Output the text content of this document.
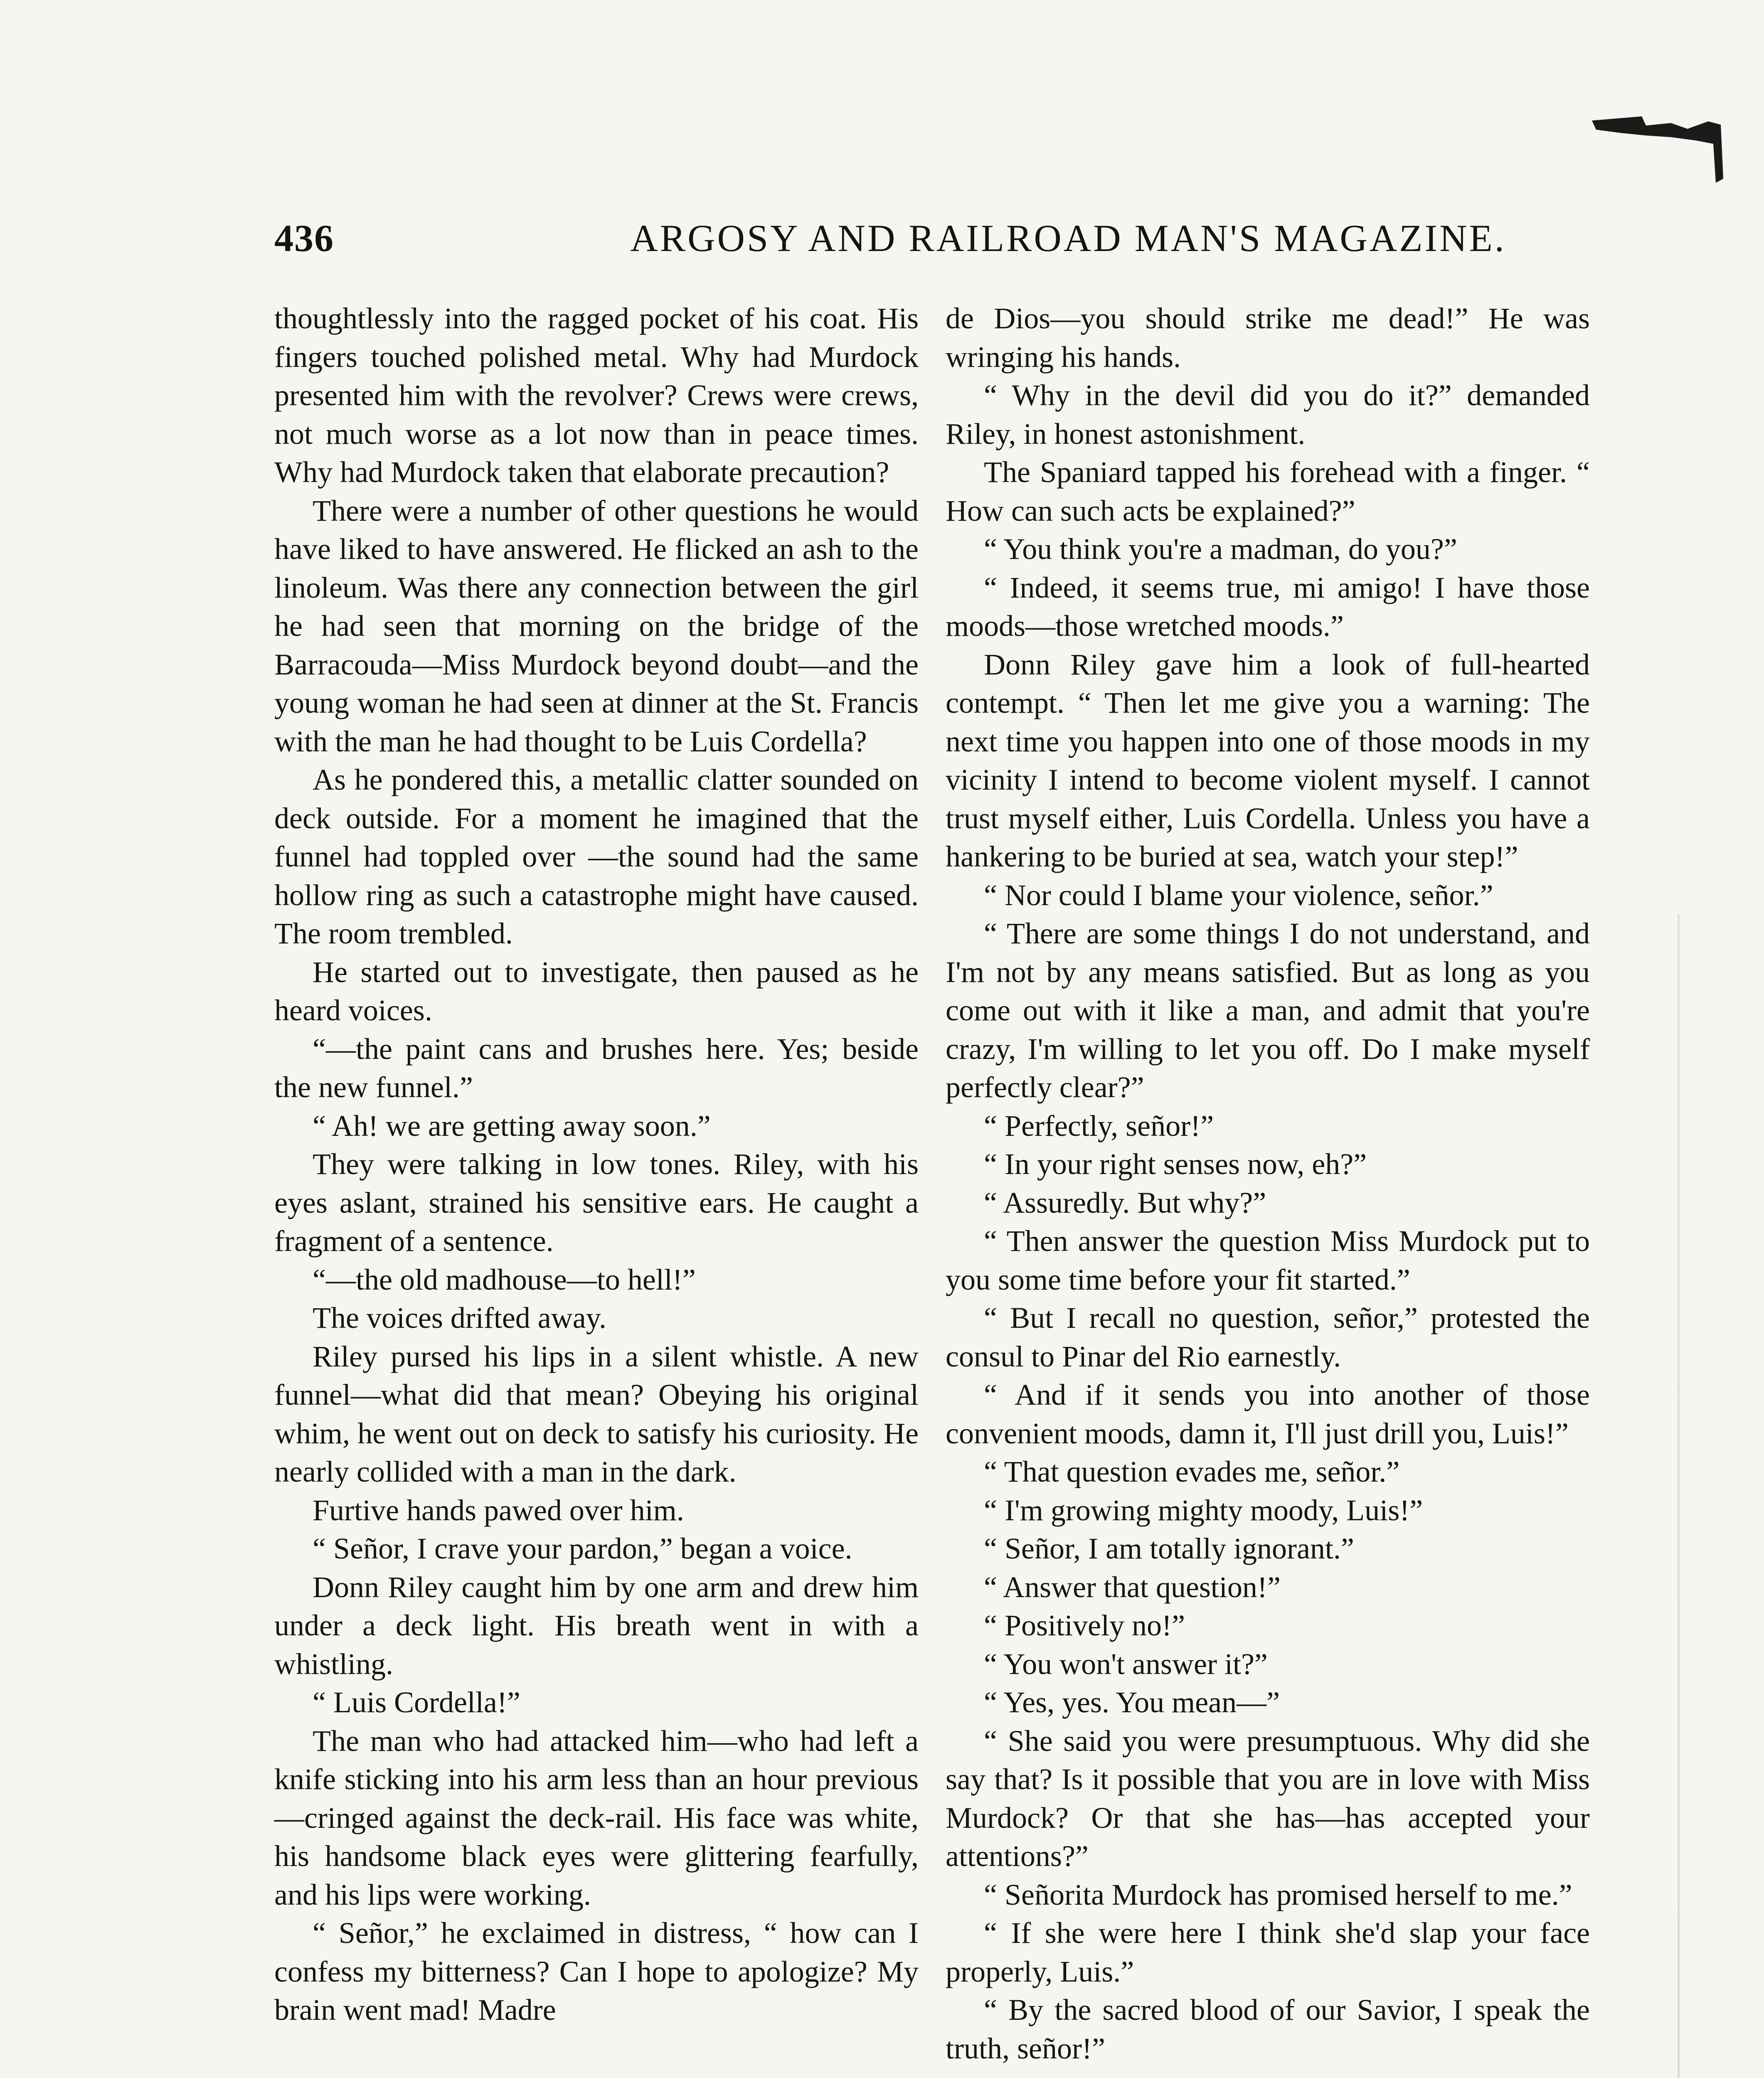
436	ARGOSY AND RAILROAD MAN'S MAGAZINE.

thoughtlessly into the ragged pocket of his coat. His fingers touched polished metal. Why had Murdock presented him with the revolver? Crews were crews, not much worse as a lot now than in peace times. Why had Murdock taken that elaborate precaution?

There were a number of other questions he would have liked to have answered. He flicked an ash to the linoleum. Was there any connection between the girl he had seen that morning on the bridge of the Barracouda—Miss Murdock beyond doubt—and the young woman he had seen at dinner at the St. Francis with the man he had thought to be Luis Cordella?

As he pondered this, a metallic clatter sounded on deck outside. For a moment he imagined that the funnel had toppled over —the sound had the same hollow ring as such a catastrophe might have caused. The room trembled.

He started out to investigate, then paused as he heard voices.

“—the paint cans and brushes here. Yes; beside the new funnel.”

“ Ah! we are getting away soon.”

They were talking in low tones. Riley, with his eyes aslant, strained his sensitive ears. He caught a fragment of a sentence.

“—the old madhouse—to hell!”

The voices drifted away.

Riley pursed his lips in a silent whistle. A new funnel—what did that mean? Obeying his original whim, he went out on deck to satisfy his curiosity. He nearly collided with a man in the dark.

Furtive hands pawed over him.

“ Señor, I crave your pardon,” began a voice.

Donn Riley caught him by one arm and drew him under a deck light. His breath went in with a whistling.

“ Luis Cordella!”

The man who had attacked him—who had left a knife sticking into his arm less than an hour previous—cringed against the deck-rail. His face was white, his handsome black eyes were glittering fearfully, and his lips were working.

“ Señor,” he exclaimed in distress, “ how can I confess my bitterness? Can I hope to apologize? My brain went mad! Madre

de Dios—you should strike me dead!” He was wringing his hands.

“ Why in the devil did you do it?” demanded Riley, in honest astonishment.

The Spaniard tapped his forehead with a finger. “ How can such acts be explained?”

“ You think you're a madman, do you?”

“ Indeed, it seems true, mi amigo! I have those moods—those wretched moods.”

Donn Riley gave him a look of full-hearted contempt. “ Then let me give you a warning: The next time you happen into one of those moods in my vicinity I intend to become violent myself. I cannot trust myself either, Luis Cordella. Unless you have a hankering to be buried at sea, watch your step!”

“ Nor could I blame your violence, señor.”

“ There are some things I do not understand, and I'm not by any means satisfied. But as long as you come out with it like a man, and admit that you're crazy, I'm willing to let you off. Do I make myself perfectly clear?”

“ Perfectly, señor!”

“ In your right senses now, eh?”

“ Assuredly. But why?”

“ Then answer the question Miss Murdock put to you some time before your fit started.”

“ But I recall no question, señor,” protested the consul to Pinar del Rio earnestly.

“ And if it sends you into another of those convenient moods, damn it, I'll just drill you, Luis!”

“ That question evades me, señor.”

“ I'm growing mighty moody, Luis!”

“ Señor, I am totally ignorant.”

“ Answer that question!”

“ Positively no!”

“ You won't answer it?”

“ Yes, yes. You mean—”

“ She said you were presumptuous. Why did she say that? Is it possible that you are in love with Miss Murdock? Or that she has—has accepted your attentions?”

“ Señorita Murdock has promised herself to me.”

“ If she were here I think she'd slap your face properly, Luis.”

“ By the sacred blood of our Savior, I speak the truth, señor!”
